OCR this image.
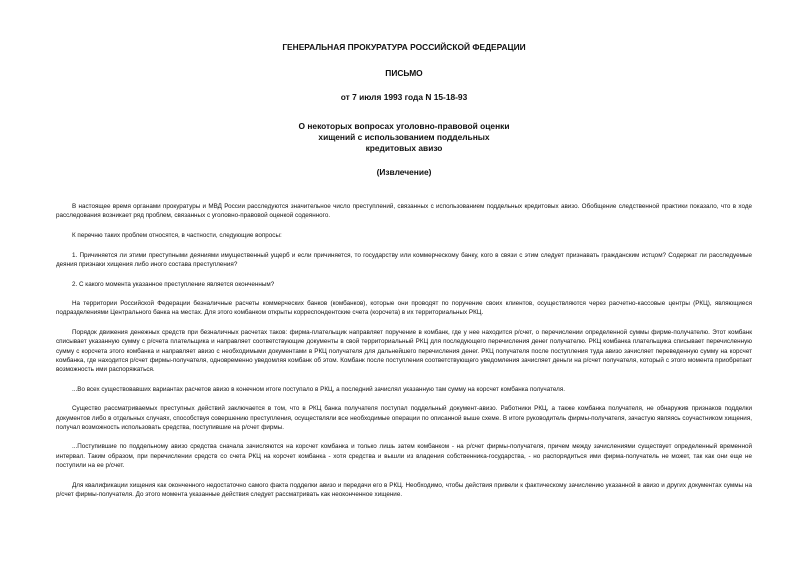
ГЕНЕРАЛЬНАЯ ПРОКУРАТУРА РОССИЙСКОЙ ФЕДЕРАЦИИ
ПИСЬМО
от 7 июля 1993 года N 15-18-93
О некоторых вопросах уголовно-правовой оценки
хищений с использованием поддельных
кредитовых авизо
(Извлечение)

В настоящее время органами прокуратуры и МВД России расследуются значительное число преступлений, связанных с использованием поддельных кредитовых авизо. Обобщение следственной практики показало, что в ходе расследования возникает ряд проблем, связанных с уголовно-правовой оценкой содеянного.

К перечню таких проблем относятся, в частности, следующие вопросы:

1. Причиняется ли этими преступными деяниями имущественный ущерб и если причиняется, то государству или коммерческому банку, кого в связи с этим следует признавать гражданским истцом? Содержат ли расследуемые деяния признаки хищения либо иного состава преступления?

2. С какого момента указанное преступление является оконченным?

На территории Российской Федерации безналичные расчеты коммерческих банков (комбанков), которые они проводят по поручение своих клиентов, осуществляются через расчетно-кассовые центры (РКЦ), являющиеся подразделениями Центрального банка на местах. Для этого комбанком открыты корреспондентские счета (корсчета) в их территориальных РКЦ.

Порядок движения денежных средств при безналичных расчетах таков: фирма-плательщик направляет поручение в комбанк, где у нее находится р/счет, о перечислении определенной суммы фирме-получателю. Этот комбанк списывает указанную сумму с р/счета плательщика и направляет соответствующие документы в свой территориальный РКЦ для последующего перечисления денег получателю. РКЦ комбанка плательщика списывает перечисленную сумму с корсчета этого комбанка и направляет авизо с необходимыми документами в РКЦ получателя для дальнейшего перечисления денег. РКЦ получателя после поступления туда авизо зачисляет переведенную сумму на корсчет комбанка, где находится р/счет фирмы-получателя, одновременно уведомляя комбанк об этом. Комбанк после поступления соответствующего уведомления зачисляет деньги на р/счет получателя, который с этого момента приобретает возможность ими распоряжаться.

...Во всех существовавших вариантах расчетов авизо в конечном итоге поступало в РКЦ, а последний зачислял указанную там сумму на корсчет комбанка получателя.

Существо рассматриваемых преступных действий заключается в том, что в РКЦ банка получателя поступал поддельный документ-авизо. Работники РКЦ, а также комбанка получателя, не обнаружив признаков подделки документов либо в отдельных случаях, способствуя совершению преступления, осуществляли все необходимые операции по описанной выше схеме. В итоге руководитель фирмы-получателя, зачастую являясь соучастником хищения, получал возможность использовать средства, поступившие на р/счет фирмы.

...Поступившие по поддельному авизо средства сначала зачисляются на корсчет комбанка и только лишь затем комбанком - на р/счет фирмы-получателя, причем между зачислениями существует определенный временной интервал. Таким образом, при перечислении средств со счета РКЦ на корсчет комбанка - хотя средства и вышли из владения собственника-государства, - но распорядиться ими фирма-получатель не может, так как они еще не поступили на ее р/счет.

Для квалификации хищения как оконченного недостаточно самого факта подделки авизо и передачи его в РКЦ. Необходимо, чтобы действия привели к фактическому зачислению указанной в авизо и других документах суммы на р/счет фирмы-получателя. До этого момента указанные действия следует рассматривать как неоконченное хищение.
